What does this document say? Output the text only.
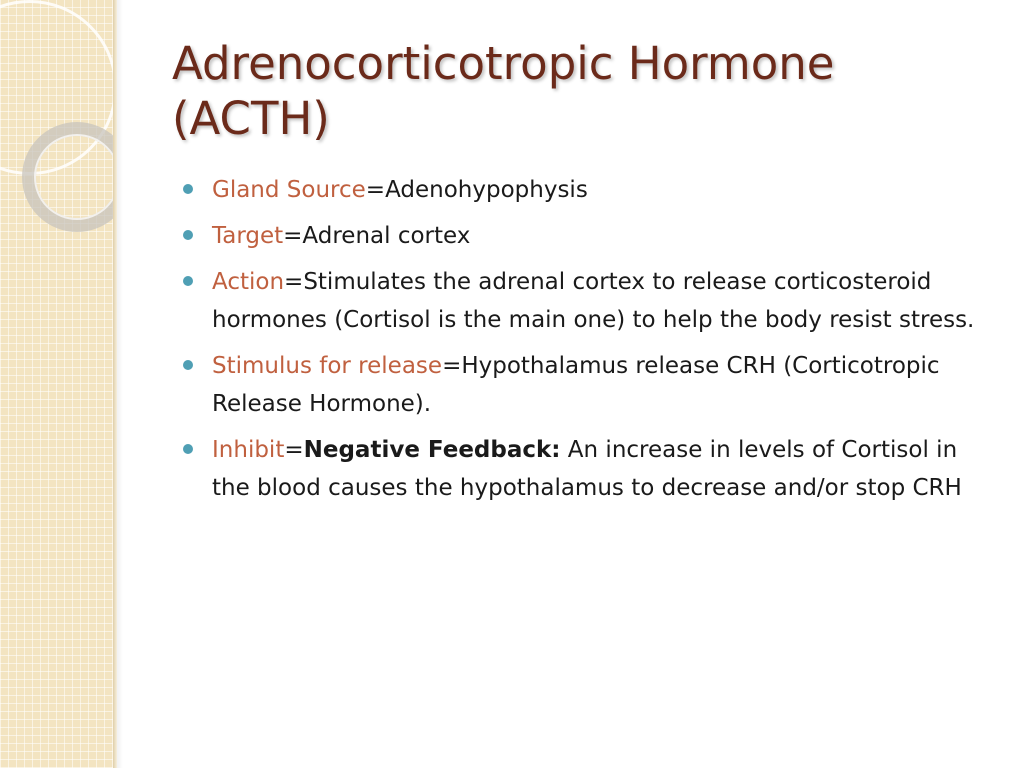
Adrenocorticotropic Hormone
(ACTH)
Gland Source=Adenohypophysis
Target=Adrenal cortex
Action=Stimulates the adrenal cortex to release corticosteroid hormones (Cortisol is the main one) to help the body resist stress.
Stimulus for release=Hypothalamus release CRH (Corticotropic Release Hormone).
Inhibit=Negative Feedback: An increase in levels of Cortisol in the blood causes the hypothalamus to decrease and/or stop CRH
